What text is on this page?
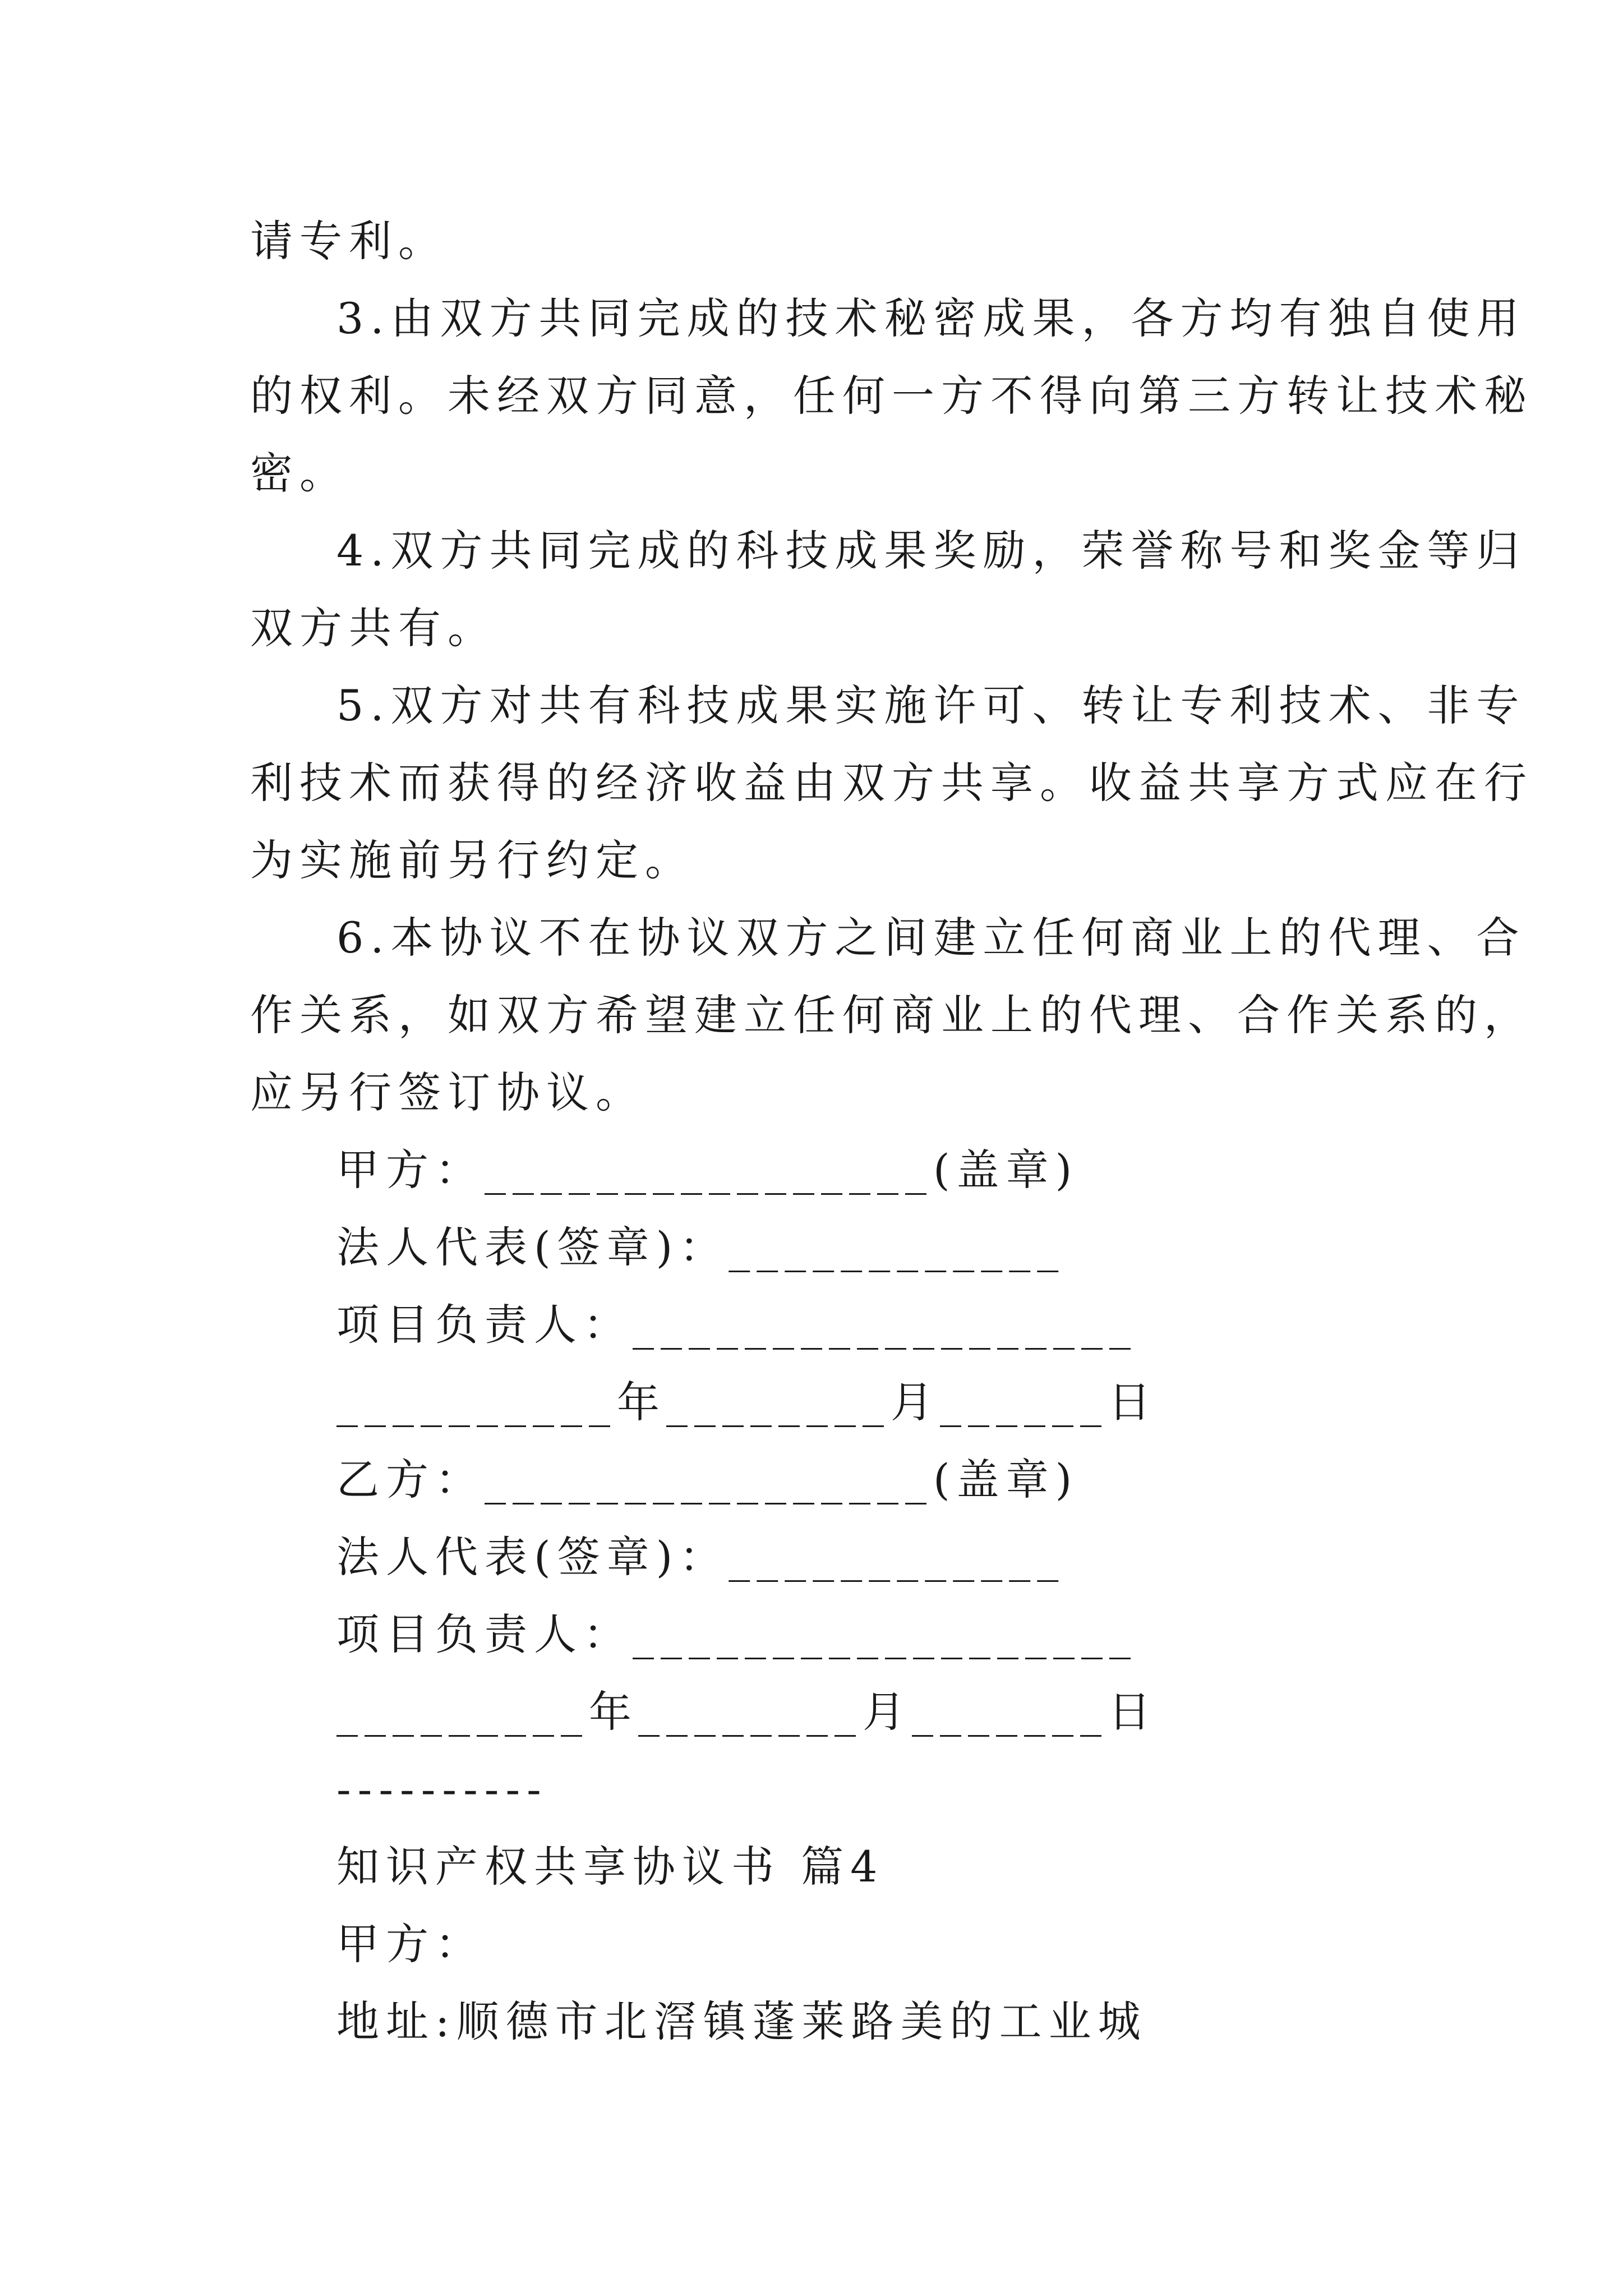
请专利。
3.由双方共同完成的技术秘密成果，各方均有独自使用
的权利。未经双方同意，任何一方不得向第三方转让技术秘
密。
4.双方共同完成的科技成果奖励，荣誉称号和奖金等归
双方共有。
5.双方对共有科技成果实施许可、转让专利技术、非专
利技术而获得的经济收益由双方共享。收益共享方式应在行
为实施前另行约定。
6.本协议不在协议双方之间建立任何商业上的代理、合
作关系，如双方希望建立任何商业上的代理、合作关系的，
应另行签订协议。
甲方：________________(盖章)
法人代表(签章)：____________
项目负责人：__________________
__________年________月______日
乙方：________________(盖章)
法人代表(签章)：____________
项目负责人：__________________
_________年________月_______日
----------
知识产权共享协议书 篇4
甲方：
地址:顺德市北滘镇蓬莱路美的工业城
